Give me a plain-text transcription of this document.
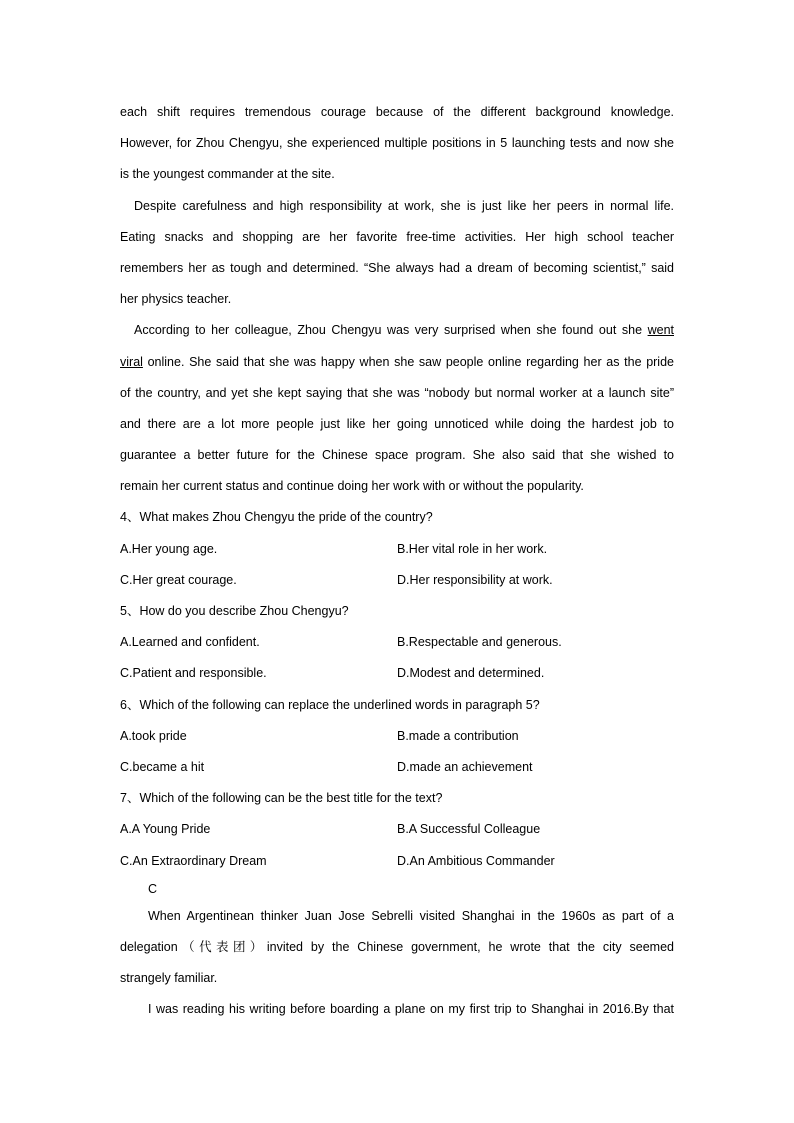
each shift requires tremendous courage because of the different background knowledge.
However, for Zhou Chengyu, she experienced multiple positions in 5 launching tests and now she
is the youngest commander at the site.
Despite carefulness and high responsibility at work, she is just like her peers in normal life.
Eating snacks and shopping are her favorite free-time activities. Her high school teacher
remembers her as tough and determined. “She always had a dream of becoming scientist,” said
her physics teacher.
According to her colleague, Zhou Chengyu was very surprised when she found out she went
viral online. She said that she was happy when she saw people online regarding her as the pride
of the country, and yet she kept saying that she was “nobody but normal worker at a launch site”
and there are a lot more people just like her going unnoticed while doing the hardest job to
guarantee a better future for the Chinese space program. She also said that she wished to
remain her current status and continue doing her work with or without the popularity.
4、What makes Zhou Chengyu the pride of the country?
A.Her young age.	B.Her vital role in her work.
C.Her great courage.	D.Her responsibility at work.
5、How do you describe Zhou Chengyu?
A.Learned and confident.	B.Respectable and generous.
C.Patient and responsible.	D.Modest and determined.
6、Which of the following can replace the underlined words in paragraph 5?
A.took pride	B.made a contribution
C.became a hit	D.made an achievement
7、Which of the following can be the best title for the text?
A.A Young Pride	B.A Successful Colleague
C.An Extraordinary Dream	D.An Ambitious Commander
C
When Argentinean thinker Juan Jose Sebrelli visited Shanghai in the 1960s as part of a
delegation（代表团）invited by the Chinese government, he wrote that the city seemed
strangely familiar.
I was reading his writing before boarding a plane on my first trip to Shanghai in 2016.By that
